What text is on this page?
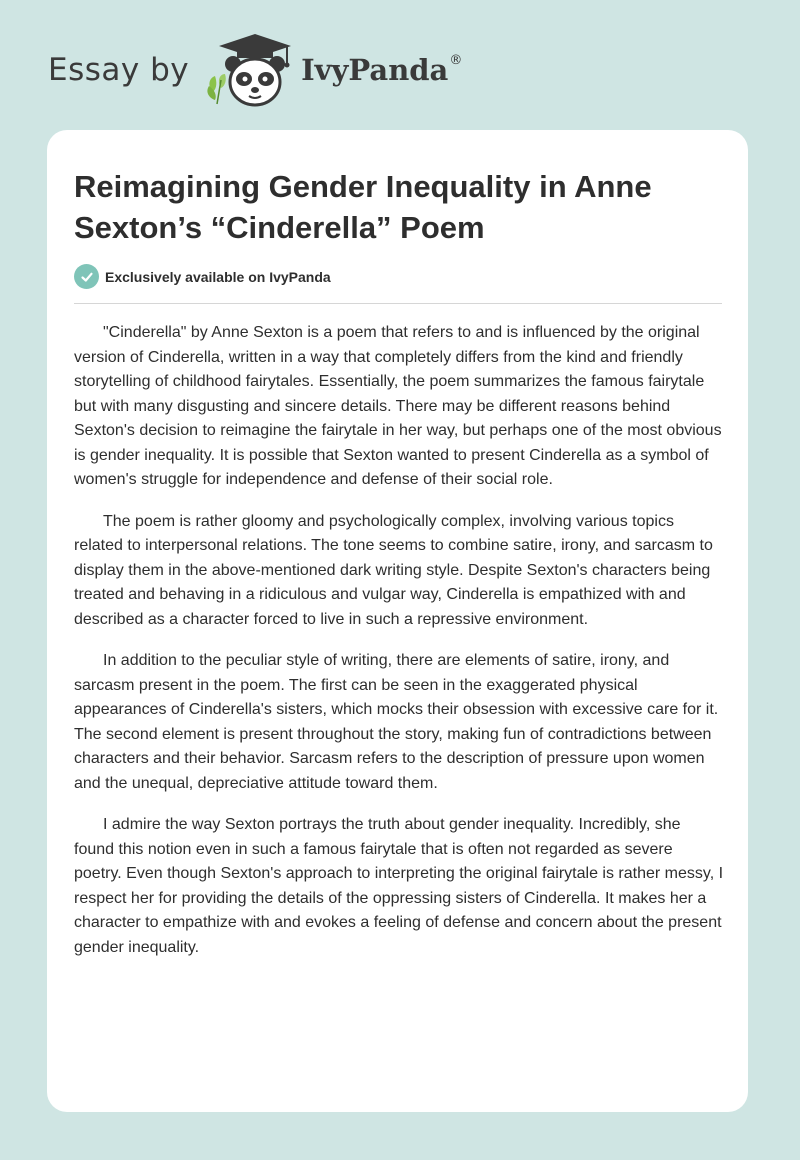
Essay by	IvyPanda ®
Reimagining Gender Inequality in Anne Sexton’s “Cinderella” Poem
Exclusively available on IvyPanda

"Cinderella" by Anne Sexton is a poem that refers to and is influenced by the original version of Cinderella, written in a way that completely differs from the kind and friendly storytelling of childhood fairytales. Essentially, the poem summarizes the famous fairytale but with many disgusting and sincere details. There may be different reasons behind Sexton's decision to reimagine the fairytale in her way, but perhaps one of the most obvious is gender inequality. It is possible that Sexton wanted to present Cinderella as a symbol of women's struggle for independence and defense of their social role.

The poem is rather gloomy and psychologically complex, involving various topics related to interpersonal relations. The tone seems to combine satire, irony, and sarcasm to display them in the above-mentioned dark writing style. Despite Sexton's characters being treated and behaving in a ridiculous and vulgar way, Cinderella is empathized with and described as a character forced to live in such a repressive environment.

In addition to the peculiar style of writing, there are elements of satire, irony, and sarcasm present in the poem. The first can be seen in the exaggerated physical appearances of Cinderella's sisters, which mocks their obsession with excessive care for it. The second element is present throughout the story, making fun of contradictions between characters and their behavior. Sarcasm refers to the description of pressure upon women and the unequal, depreciative attitude toward them.

I admire the way Sexton portrays the truth about gender inequality. Incredibly, she found this notion even in such a famous fairytale that is often not regarded as severe poetry. Even though Sexton's approach to interpreting the original fairytale is rather messy, I respect her for providing the details of the oppressing sisters of Cinderella. It makes her a character to empathize with and evokes a feeling of defense and concern about the present gender inequality.
